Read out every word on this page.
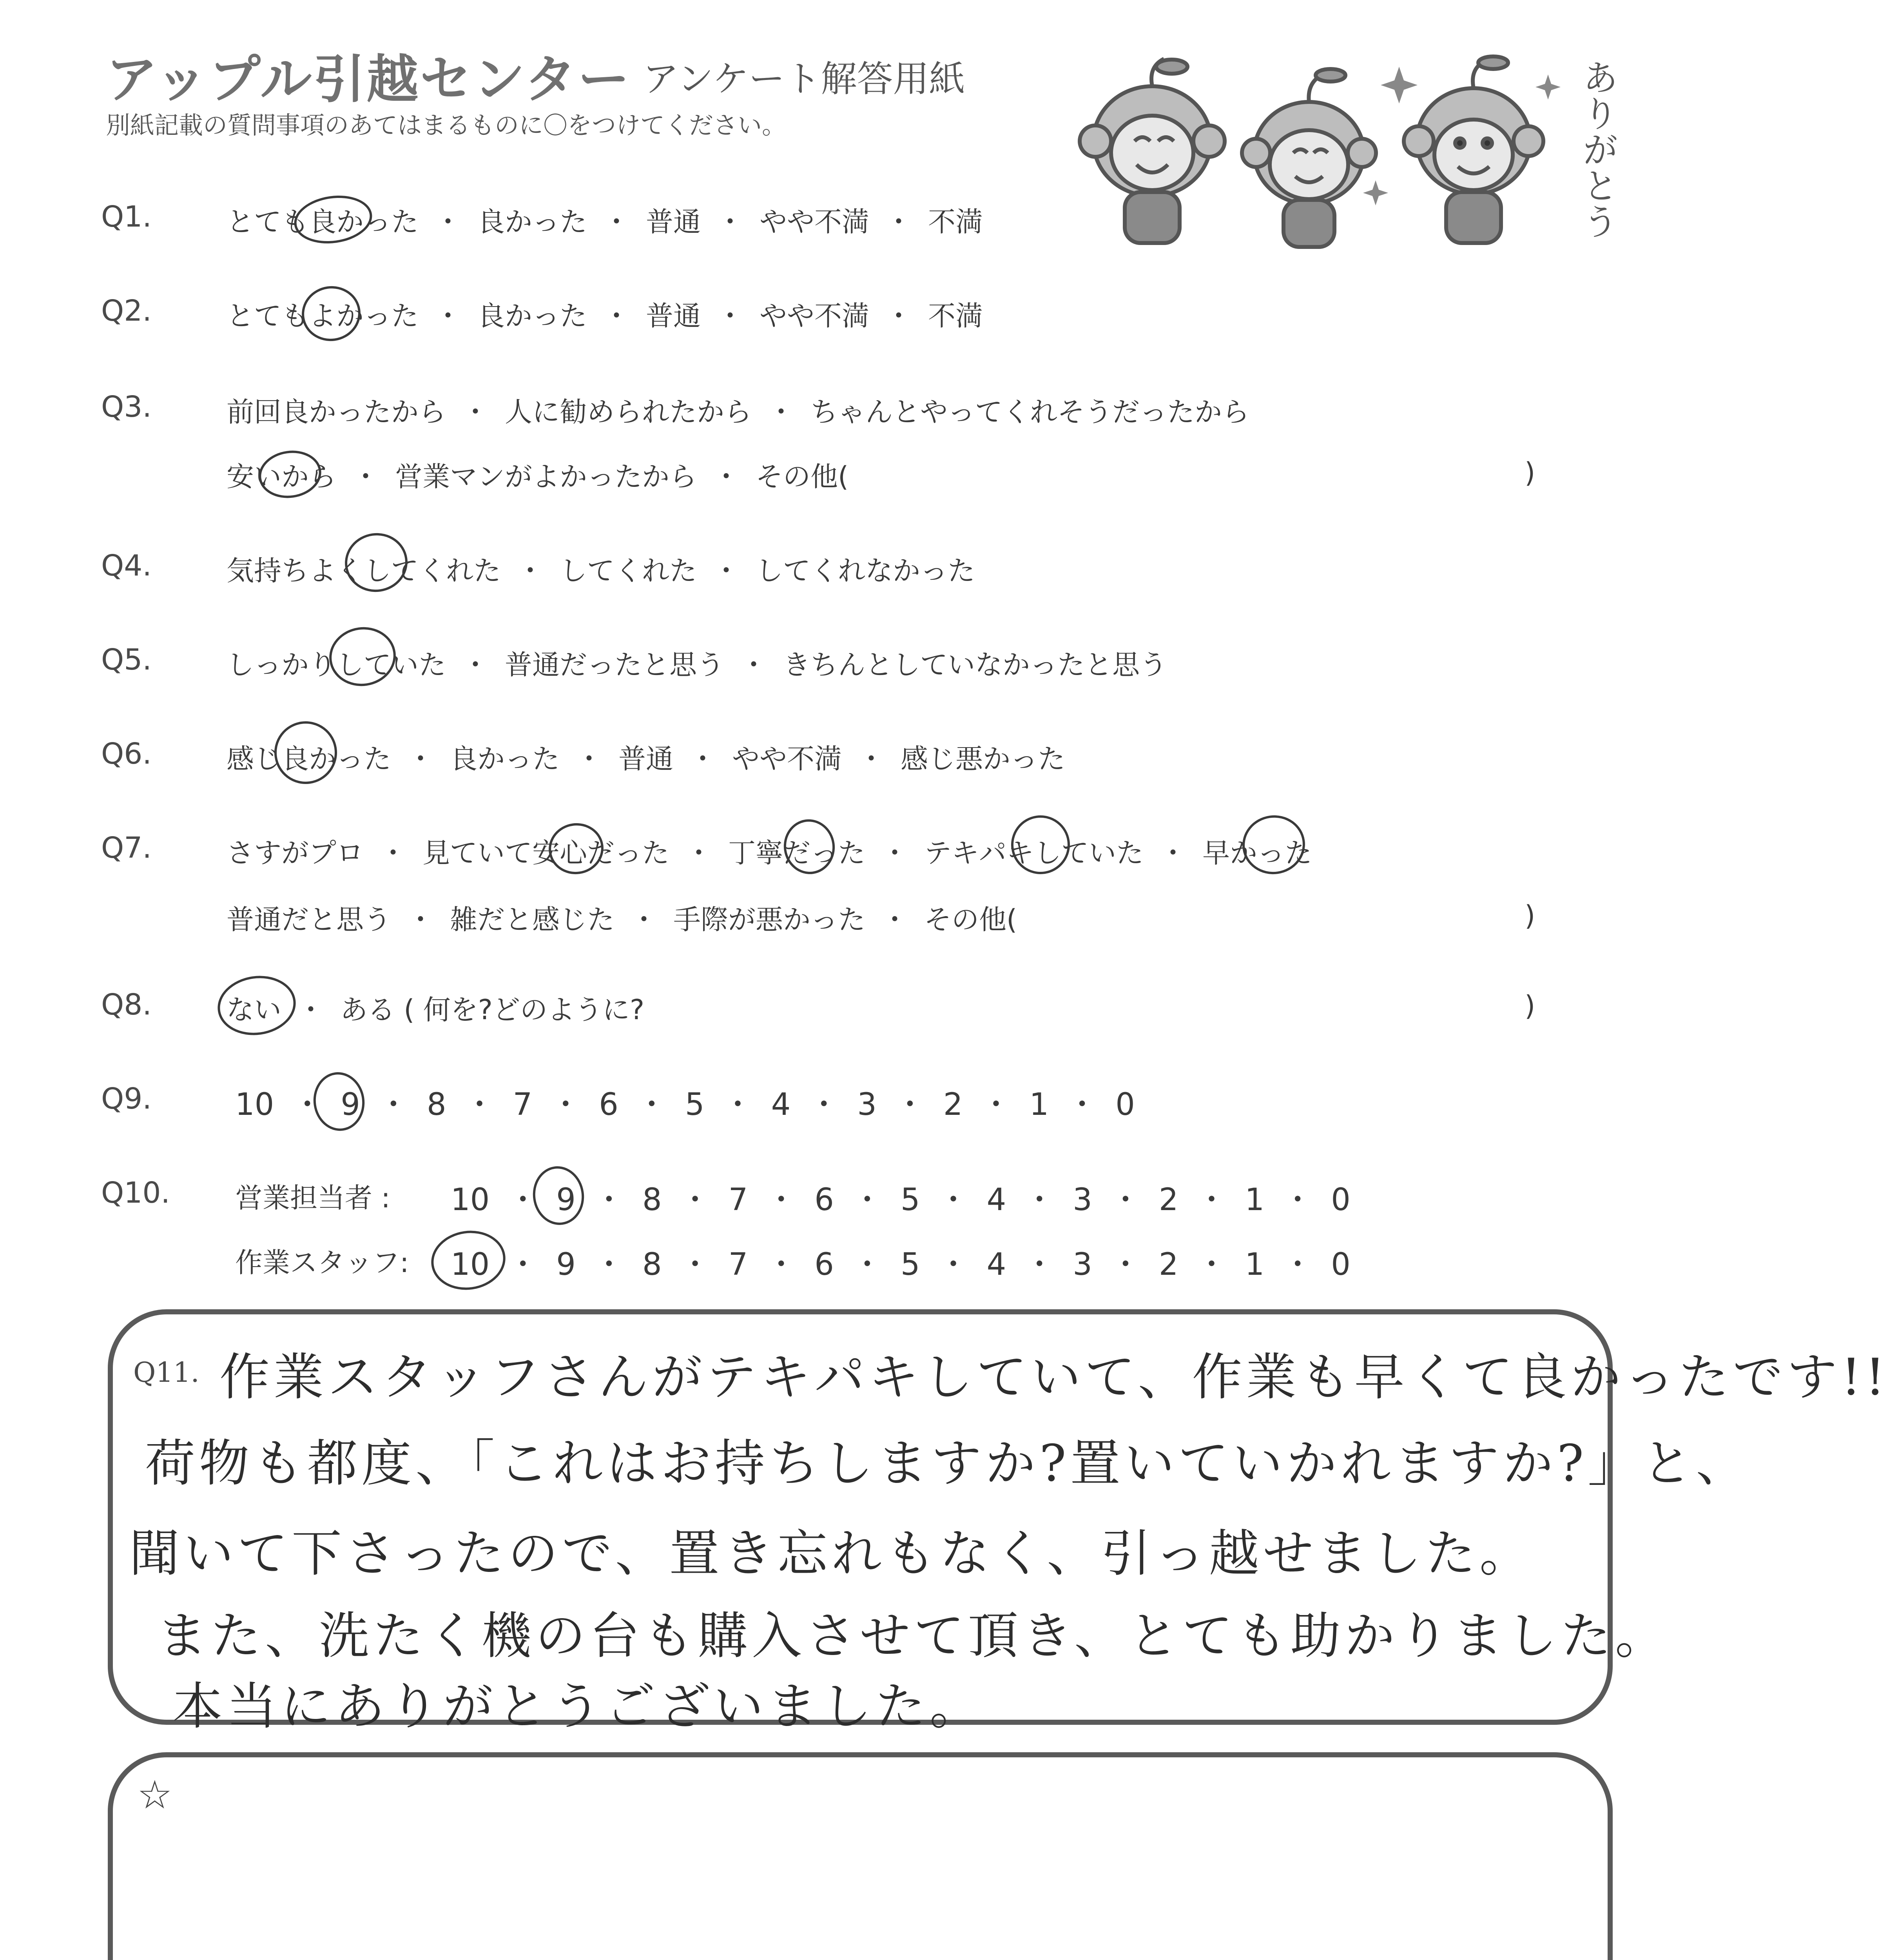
アップル引越センター アンケート解答用紙
別紙記載の質問事項のあてはまるものに〇をつけてください。	ありがとう
Q1.	とても良かった ・ 良かった ・ 普通 ・ やや不満 ・ 不満
Q2.	とてもよかった ・ 良かった ・ 普通 ・ やや不満 ・ 不満
Q3.	前回良かったから ・ 人に勧められたから ・ ちゃんとやってくれそうだったから
安いから ・ 営業マンがよかったから ・ その他(	)
Q4.	気持ちよくしてくれた ・ してくれた ・ してくれなかった
Q5.	しっかりしていた ・ 普通だったと思う ・ きちんとしていなかったと思う
Q6.	感じ良かった ・ 良かった ・ 普通 ・ やや不満 ・ 感じ悪かった
Q7.	さすがプロ ・ 見ていて安心だった ・ 丁寧だった ・ テキパキしていた ・ 早かった
普通だと思う ・ 雑だと感じた ・ 手際が悪かった ・ その他(	)
Q8.	ない ・ ある ( 何を?どのように?	)
Q9.	10 ・ 9 ・ 8 ・ 7 ・ 6 ・ 5 ・ 4 ・ 3 ・ 2 ・ 1 ・ 0
Q10. 営業担当者 : 10 ・ 9 ・ 8 ・ 7 ・ 6 ・ 5 ・ 4 ・ 3 ・ 2 ・ 1 ・ 0
作業スタッフ: 10 ・ 9 ・ 8 ・ 7 ・ 6 ・ 5 ・ 4 ・ 3 ・ 2 ・ 1 ・ 0
Q11. 作業スタッフさんがテキパキしていて、作業も早くて良かったです!!
荷物も都度、「これはお持ちしますか?置いていかれますか?」と、
聞いて下さったので、置き忘れもなく、引っ越せました。
また、洗たく機の台も購入させて頂き、とても助かりました。
本当にありがとうございました。
☆
